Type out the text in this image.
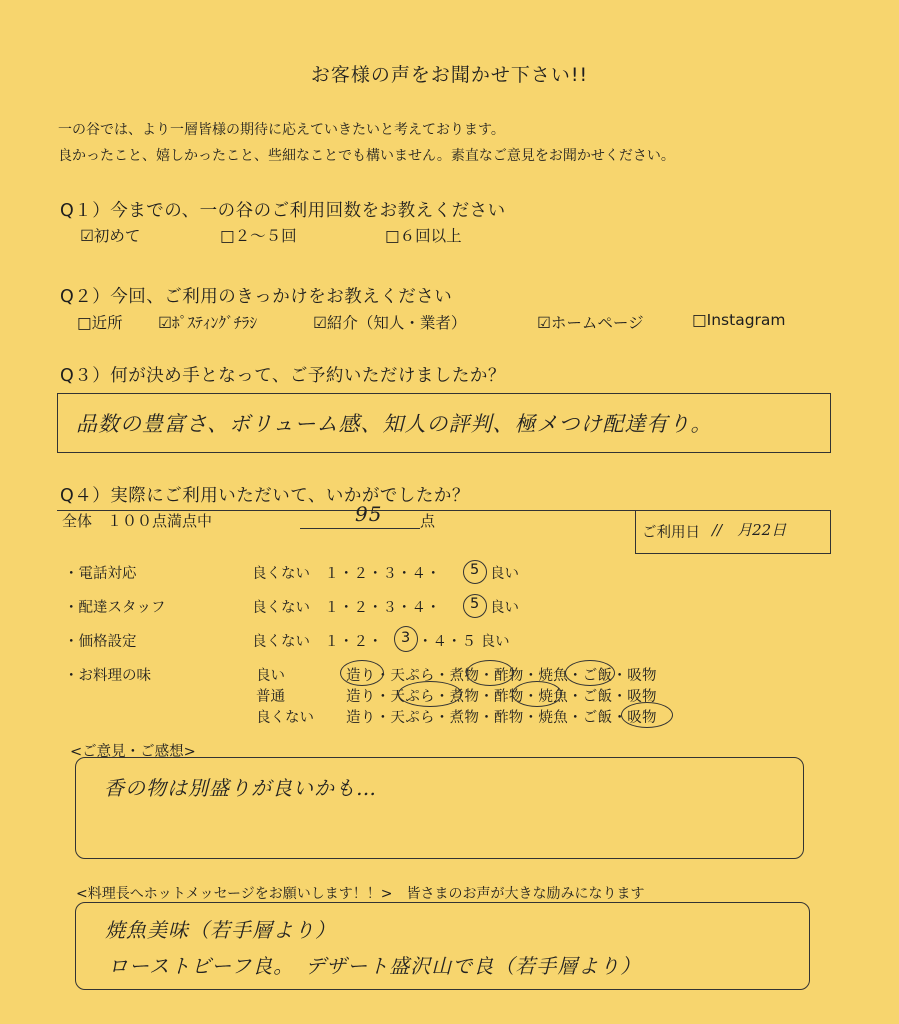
お客様の声をお聞かせ下さい!!
一の谷では、より一層皆様の期待に応えていきたいと考えております。
良かったこと、嬉しかったこと、些細なことでも構いません。素直なご意見をお聞かせください。
Q１）今までの、一の谷のご利用回数をお教えください
☑初めて	□２～５回	□６回以上
Q２）今回、ご利用のきっかけをお教えください
□近所 ☑ﾎﾟｽﾃｨﾝｸﾞﾁﾗｼ	☑紹介（知人・業者）	☑ホームページ	□Instagram
Q３）何が決め手となって、ご予約いただけましたか？
品数の豊富さ、ボリューム感、知人の評判、極メつけ配達有り。
Q４）実際にご利用いただいて、いかがでしたか？
全体　１００点満点中	95	点
ご利用日 //　月22日
・電話対応	良くない　１・２・３・４・ 5 良い
・配達スタッフ	良くない　１・２・３・４・ 5 良い
・価格設定	良くない　１・２・ 3 ・４・５ 良い
・お料理の味	良い	造り・天ぷら・煮物・酢物・焼魚・ご飯・吸物
普通	造り・天ぷら・煮物・酢物・焼魚・ご飯・吸物
良くない 造り・天ぷら・煮物・酢物・焼魚・ご飯・吸物
<ご意見・ご感想>
香の物は別盛りが良いかも…
<料理長へホットメッセージをお願いします！！>　皆さまのお声が大きな励みになります
焼魚美味（若手層より）
ローストビーフ良。　デザート盛沢山で良（若手層より）
